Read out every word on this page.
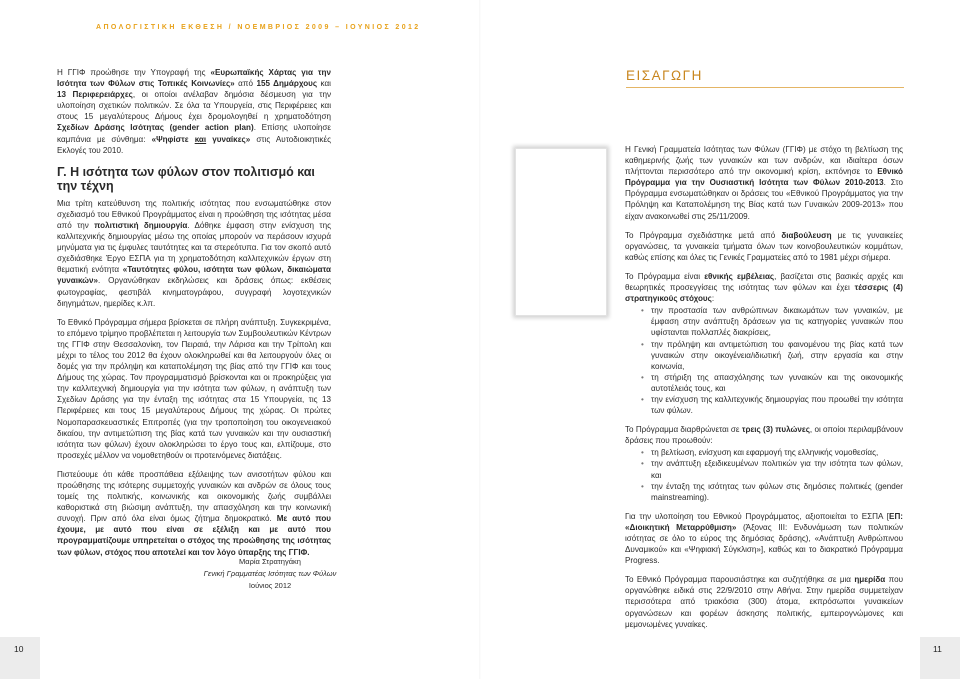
ΑΠΟΛΟΓΙΣΤΙΚΗ ΕΚΘΕΣΗ / ΝΟΕΜΒΡΙΟΣ 2009 – ΙΟΥΝΙΟΣ 2012

Η ΓΓΙΦ προώθησε την Υπογραφή της «Ευρωπαϊκής Χάρτας για την Ισότητα των Φύλων στις Τοπικές Κοινωνίες» από 155 Δημάρχους και 13 Περιφερειάρχες, οι οποίοι ανέλαβαν δημόσια δέσμευση για την υλοποίηση σχετικών πολιτικών. Σε όλα τα Υπουργεία, στις Περιφέρειες και στους 15 μεγαλύτερους Δήμους έχει δρομολογηθεί η χρηματοδότηση Σχεδίων Δράσης Ισότητας (gender action plan). Επίσης υλοποίησε καμπάνια με σύνθημα: «Ψηφίστε και γυναίκες» στις Αυτοδιοικητικές Εκλογές του 2010.

Γ. Η ισότητα των φύλων στον πολιτισμό και την τέχνη

Μια τρίτη κατεύθυνση της πολιτικής ισότητας που ενσωματώθηκε στον σχεδιασμό του Εθνικού Προγράμματος είναι η προώθηση της ισότητας μέσα από την πολιτιστική δημιουργία. Δόθηκε έμφαση στην ενίσχυση της καλλιτεχνικής δημιουργίας μέσω της οποίας μπορούν να περάσουν ισχυρά μηνύματα για τις έμφυλες ταυτότητες και τα στερεότυπα. Για τον σκοπό αυτό σχεδιάσθηκε Έργο ΕΣΠΑ για τη χρηματοδότηση καλλιτεχνικών έργων στη θεματική ενότητα «Ταυτότητες φύλου, ισότητα των φύλων, δικαιώματα γυναικών». Οργανώθηκαν εκδηλώσεις και δράσεις όπως: εκθέσεις φωτογραφίας, φεστιβάλ κινηματογράφου, συγγραφή λογοτεχνικών διηγημάτων, ημερίδες κ.λπ.

Το Εθνικό Πρόγραμμα σήμερα βρίσκεται σε πλήρη ανάπτυξη. Συγκεκριμένα, το επόμενο τρίμηνο προβλέπεται η λειτουργία των Συμβουλευτικών Κέντρων της ΓΓΙΦ στην Θεσσαλονίκη, τον Πειραιά, την Λάρισα και την Τρίπολη και μέχρι το τέλος του 2012 θα έχουν ολοκληρωθεί και θα λειτουργούν όλες οι δομές για την πρόληψη και καταπολέμηση της βίας από την ΓΓΙΦ και τους Δήμους της χώρας. Τον προγραμματισμό βρίσκονται και οι προκηρύξεις για την καλλιτεχνική δημιουργία για την ισότητα των φύλων, η ανάπτυξη των Σχεδίων Δράσης για την ένταξη της ισότητας στα 15 Υπουργεία, τις 13 Περιφέρειες και τους 15 μεγαλύτερους Δήμους της χώρας. Οι πρώτες Νομοπαρασκευαστικές Επιτροπές (για την τροποποίηση του οικογενειακού δικαίου, την αντιμετώπιση της βίας κατά των γυναικών και την ουσιαστική ισότητα των φύλων) έχουν ολοκληρώσει το έργο τους και, ελπίζουμε, στο προσεχές μέλλον να νομοθετηθούν οι προτεινόμενες διατάξεις.

Πιστεύουμε ότι κάθε προσπάθεια εξάλειψης των ανισοτήτων φύλου και προώθησης της ισότερης συμμετοχής γυναικών και ανδρών σε όλους τους τομείς της πολιτικής, κοινωνικής και οικονομικής ζωής συμβάλλει καθοριστικά στη βιώσιμη ανάπτυξη, την απασχόληση και την κοινωνική συνοχή. Πριν από όλα είναι όμως ζήτημα δημοκρατικό. Με αυτό που έχουμε, με αυτό που είναι σε εξέλιξη και με αυτό που προγραμματίζουμε υπηρετείται ο στόχος της προώθησης της ισότητας των φύλων, στόχος που αποτελεί και τον λόγο ύπαρξης της ΓΓΙΦ.

Μαρία Στρατηγάκη
Γενική Γραμματέας Ισότητας των Φύλων
Ιούνιος 2012
ΕΙΣΑΓΩΓΗ

Η Γενική Γραμματεία Ισότητας των Φύλων (ΓΓΙΦ) με στόχο τη βελτίωση της καθημερινής ζωής των γυναικών και των ανδρών, και ιδιαίτερα όσων πλήττονται περισσότερο από την οικονομική κρίση, εκπόνησε το Εθνικό Πρόγραμμα για την Ουσιαστική Ισότητα των Φύλων 2010-2013. Στο Πρόγραμμα ενσωματώθηκαν οι δράσεις του «Εθνικού Προγράμματος για την Πρόληψη και Καταπολέμηση της Βίας κατά των Γυναικών 2009-2013» που είχαν ανακοινωθεί στις 25/11/2009.

Το Πρόγραμμα σχεδιάστηκε μετά από διαβούλευση με τις γυναικείες οργανώσεις, τα γυναικεία τμήματα όλων των κοινοβουλευτικών κομμάτων, καθώς επίσης και όλες τις Γενικές Γραμματείες από το 1981 μέχρι σήμερα.

Το Πρόγραμμα είναι εθνικής εμβέλειας, βασίζεται στις βασικές αρχές και θεωρητικές προσεγγίσεις της ισότητας των φύλων και έχει τέσσερις (4) στρατηγικούς στόχους:

• την προστασία των ανθρώπινων δικαιωμάτων των γυναικών, με έμφαση στην ανάπτυξη δράσεων για τις κατηγορίες γυναικών που υφίστανται πολλαπλές διακρίσεις,
• την πρόληψη και αντιμετώπιση του φαινομένου της βίας κατά των γυναικών στην οικογένεια/ιδιωτική ζωή, στην εργασία και στην κοινωνία,
• τη στήριξη της απασχόλησης των γυναικών και της οικονομικής αυτοτέλειάς τους, και
• την ενίσχυση της καλλιτεχνικής δημιουργίας που προωθεί την ισότητα των φύλων.

Το Πρόγραμμα διαρθρώνεται σε τρεις (3) πυλώνες, οι οποίοι περιλαμβάνουν δράσεις που προωθούν:

• τη βελτίωση, ενίσχυση και εφαρμογή της ελληνικής νομοθεσίας,
• την ανάπτυξη εξειδικευμένων πολιτικών για την ισότητα των φύλων, και
• την ένταξη της ισότητας των φύλων στις δημόσιες πολιτικές (gender mainstreaming).

Για την υλοποίηση του Εθνικού Προγράμματος, αξιοποιείται το ΕΣΠΑ [ΕΠ: «Διοικητική Μεταρρύθμιση» (Άξονας ΙΙΙ: Ενδυνάμωση των πολιτικών ισότητας σε όλο το εύρος της δημόσιας δράσης), «Ανάπτυξη Ανθρώπινου Δυναμικού» και «Ψηφιακή Σύγκλιση»], καθώς και το διακρατικό Πρόγραμμα Progress.

Το Εθνικό Πρόγραμμα παρουσιάστηκε και συζητήθηκε σε μια ημερίδα που οργανώθηκε ειδικά στις 22/9/2010 στην Αθήνα. Στην ημερίδα συμμετείχαν περισσότερα από τριακόσια (300) άτομα, εκπρόσωποι γυναικείων οργανώσεων και φορέων άσκησης πολιτικής, εμπειρογνώμονες και μεμονωμένες γυναίκες.

10	11
